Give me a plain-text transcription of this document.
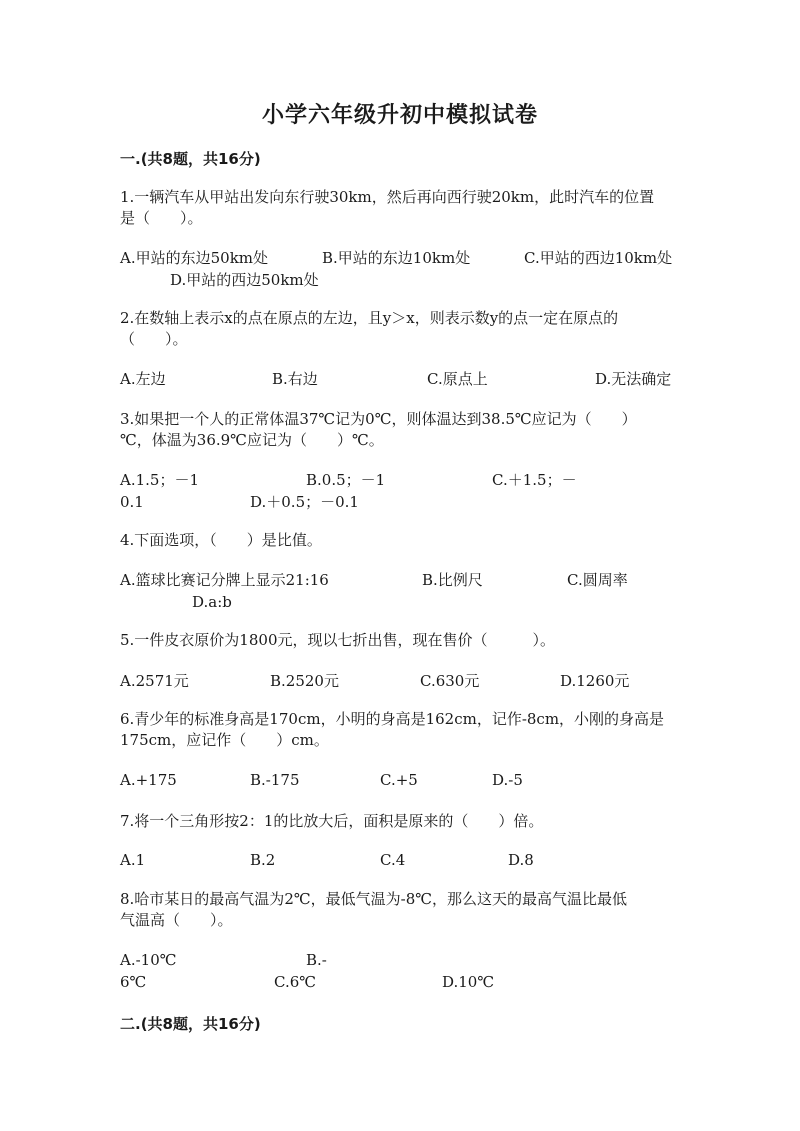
小学六年级升初中模拟试卷
一.(共8题，共16分)
1.一辆汽车从甲站出发向东行驶30km，然后再向西行驶20km，此时汽车的位置
是（　　）。
A.甲站的东边50km处	B.甲站的东边10km处	C.甲站的西边10km处
D.甲站的西边50km处
2.在数轴上表示x的点在原点的左边，且y＞x，则表示数y的点一定在原点的
（　　）。
A.左边	B.右边	C.原点上	D.无法确定
3.如果把一个人的正常体温37℃记为0℃，则体温达到38.5℃应记为（　　）
℃，体温为36.9℃应记为（　　）℃。
A.1.5；－1	B.0.5；－1	C.＋1.5；－
0.1	D.＋0.5；－0.1
4.下面选项，（　　）是比值。
A.篮球比赛记分牌上显示21:16	B.比例尺	C.圆周率
D.a:b
5.一件皮衣原价为1800元，现以七折出售，现在售价（　　　）。
A.2571元	B.2520元	C.630元	D.1260元
6.青少年的标准身高是170cm，小明的身高是162cm，记作-8cm，小刚的身高是
175cm，应记作（　　）cm。
A.+175	B.-175	C.+5	D.-5
7.将一个三角形按2：1的比放大后，面积是原来的（　　）倍。
A.1	B.2	C.4	D.8
8.哈市某日的最高气温为2℃，最低气温为-8℃，那么这天的最高气温比最低
气温高（　　）。
A.-10℃	B.-
6℃	C.6℃	D.10℃
二.(共8题，共16分)
